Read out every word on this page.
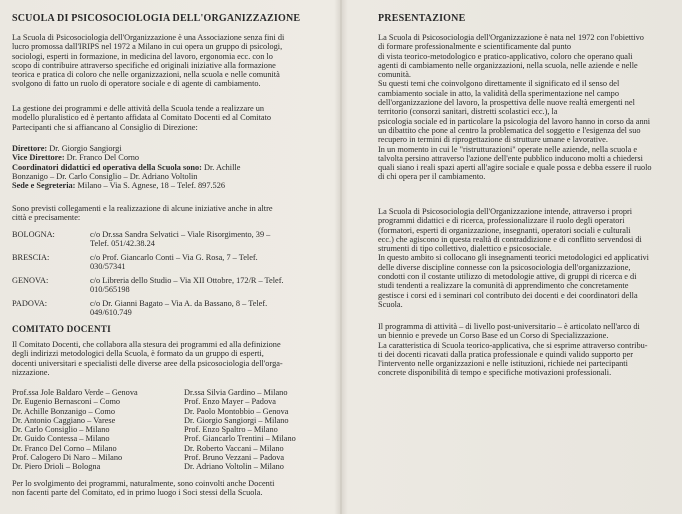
SCUOLA DI PSICOSOCIOLOGIA DELL'ORGANIZZAZIONE

La Scuola di Psicosociologia dell'Organizzazione è una Associazione senza fini di

lucro promossa dall'IRIPS nel 1972 a Milano in cui opera un gruppo di psicologi,

sociologi, esperti in formazione, in medicina del lavoro, ergonomia ecc. con lo

scopo di contribuire attraverso specifiche ed originali iniziative alla formazione

teorica e pratica di coloro che nelle organizzazioni, nella scuola e nelle comunità

svolgono di fatto un ruolo di operatore sociale e di agente di cambiamento.

La gestione dei programmi e delle attività della Scuola tende a realizzare un

modello pluralistico ed è pertanto affidata al Comitato Docenti ed al Comitato

Partecipanti che si affiancano al Consiglio di Direzione:

Direttore: Dr. Giorgio Sangiorgi

Vice Direttore: Dr. Franco Del Corno

Coordinatori didattici ed operativa della Scuola sono: Dr. Achille

Bonzanigo – Dr. Carlo Consiglio – Dr. Adriano Voltolin

Sede e Segreteria: Milano – Via S. Agnese, 18 – Telef. 897.526

Sono previsti collegamenti e la realizzazione di alcune iniziative anche in altre

città e precisamente:

BOLOGNA:	c/o Dr.ssa Sandra Selvatici – Viale Risorgimento, 39 –

Telef. 051/42.38.24

BRESCIA:	c/o Prof. Giancarlo Conti – Via G. Rosa, 7 – Telef.

030/57341

GENOVA:	c/o Libreria dello Studio – Via XII Ottobre, 172/R – Telef.

010/565198

PADOVA:	c/o Dr. Gianni Bagato – Via A. da Bassano, 8 – Telef.

049/610.749

COMITATO DOCENTI

Il Comitato Docenti, che collabora alla stesura dei programmi ed alla definizione

degli indirizzi metodologici della Scuola, è formato da un gruppo di esperti,

docenti universitari e specialisti delle diverse aree della psicosociologia dell'orga-

nizzazione.

Prof.ssa Jole Baldaro Verde – Genova
Dr. Eugenio Bernasconi – Como
Dr. Achille Bonzanigo – Como
Dr. Antonio Caggiano – Varese
Dr. Carlo Consiglio – Milano
Dr. Guido Contessa – Milano
Dr. Franco Del Corno – Milano
Prof. Calogero Di Naro – Milano
Dr. Piero Drioli – Bologna
Dr.ssa Silvia Gardino – Milano
Prof. Enzo Mayer – Padova
Dr. Paolo Montobbio – Genova
Dr. Giorgio Sangiorgi – Milano
Prof. Enzo Spaltro – Milano
Prof. Giancarlo Trentini – Milano
Dr. Roberto Vaccani – Milano
Prof. Bruno Vezzani – Padova
Dr. Adriano Voltolin – Milano

Per lo svolgimento dei programmi, naturalmente, sono coinvolti anche Docenti

non facenti parte del Comitato, ed in primo luogo i Soci stessi della Scuola.

PRESENTAZIONE

La Scuola di Psicosociologia dell'Organizzazione è nata nel 1972 con l'obiettivo

di formare professionalmente e scientificamente dal punto

di vista teorico-metodologico e pratico-applicativo, coloro che operano quali

agenti di cambiamento nelle organizzazioni, nella scuola, nelle aziende e nelle

comunità.

Su questi temi che coinvolgono direttamente il significato ed il senso del

cambiamento sociale in atto, la validità della sperimentazione nel campo

dell'organizzazione del lavoro, la prospettiva delle nuove realtà emergenti nel

territorio (consorzi sanitari, distretti scolastici ecc.), la

psicologia sociale ed in particolare la psicologia del lavoro hanno in corso da anni

un dibattito che pone al centro la problematica del soggetto e l'esigenza del suo

recupero in termini di riprogettazione di strutture umane e lavorative.

In un momento in cui le "ristrutturazioni" operate nelle aziende, nella scuola e

talvolta persino attraverso l'azione dell'ente pubblico inducono molti a chiedersi

quali siano i reali spazi aperti all'agire sociale e quale possa e debba essere il ruolo

di chi opera per il cambiamento.

La Scuola di Psicosociologia dell'Organizzazione intende, attraverso i propri

programmi didattici e di ricerca, professionalizzare il ruolo degli operatori

(formatori, esperti di organizzazione, insegnanti, operatori sociali e culturali

ecc.) che agiscono in questa realtà di contraddizione e di conflitto servendosi di

strumenti di tipo collettivo, dialettico e psicosociale.

In questo ambito si collocano gli insegnamenti teorici metodologici ed applicativi

delle diverse discipline connesse con la psicosociologia dell'organizzazione,

condotti con il costante utilizzo di metodologie attive, di gruppi di ricerca e di

studi tendenti a realizzare la comunità di apprendimento che concretamente

gestisce i corsi ed i seminari col contributo dei docenti e dei coordinatori della

Scuola.

Il programma di attività – di livello post-universitario – è articolato nell'arco di

un biennio e prevede un Corso Base ed un Corso di Specializzazione.

La caratteristica di Scuola teorico-applicativa, che si esprime attraverso contribu-

ti dei docenti ricavati dalla pratica professionale e quindi valido supporto per

l'intervento nelle organizzazioni e nelle istituzioni, richiede nei partecipanti

concrete disponibilità di tempo e specifiche motivazioni professionali.
